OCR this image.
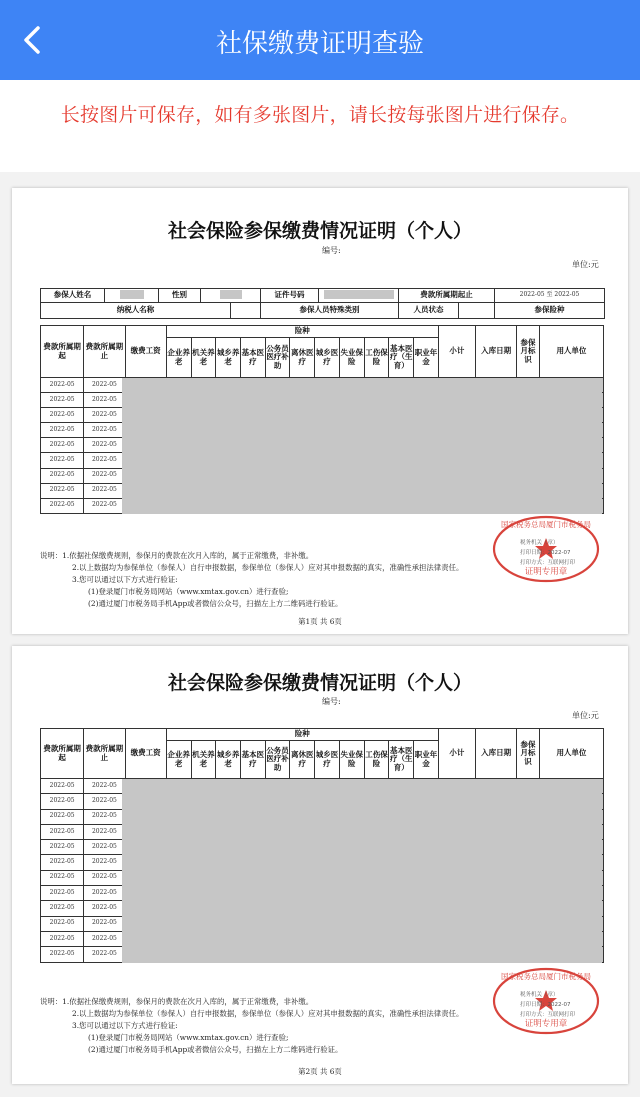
社保缴费证明查验
长按图片可保存，如有多张图片，请长按每张图片进行保存。
社会保险参保缴费情况证明（个人）
编号:
单位:元
参保人姓名		性别		证件号码		费款所属期起止	2022-05 至 2022-05
纳税人名称		参保人员特殊类别	人员状态		参保险种
费款所属期起	费款所属期止	缴费工资	险种											小计	入库日期	参保月标识	用人单位
			企业养老	机关养老	城乡养老	基本医疗	公务员医疗补助	离休医疗	城乡医疗	失业保险	工伤保险	基本医疗（生育）	职业年金				
2022-05	2022-05																
2022-05	2022-05																
2022-05	2022-05																
2022-05	2022-05																
2022-05	2022-05																
2022-05	2022-05																
2022-05	2022-05																
2022-05	2022-05																
2022-05	2022-05																
说明：1.依据社保缴费规则，参保月的费款在次月入库的，属于正常缴费，非补缴。
2.以上数据均为参保单位（参保人）自行申报数据，参保单位（参保人）应对其申报数据的真实，准确性承担法律责任。
3.您可以通过以下方式进行验证:
(1)登录厦门市税务局网站（www.xmtax.gov.cn）进行查验;
(2)通过厦门市税务局手机App或者微信公众号，扫描左上方二维码进行验证。
国家税务总局厦门市税务局
证明专用章
税务机关（章）
打印日期：2022-07
打印方式：互联网打印
第1页 共 6页
社会保险参保缴费情况证明（个人）
编号:
单位:元
费款所属期起	费款所属期止	缴费工资	险种											小计	入库日期	参保月标识	用人单位
			企业养老	机关养老	城乡养老	基本医疗	公务员医疗补助	离休医疗	城乡医疗	失业保险	工伤保险	基本医疗（生育）	职业年金				
2022-05	2022-05																
2022-05	2022-05																
2022-05	2022-05																
2022-05	2022-05																
2022-05	2022-05																
2022-05	2022-05																
2022-05	2022-05																
2022-05	2022-05																
2022-05	2022-05																
2022-05	2022-05																
2022-05	2022-05																
2022-05	2022-05																
说明：1.依据社保缴费规则，参保月的费款在次月入库的，属于正常缴费，非补缴。
2.以上数据均为参保单位（参保人）自行申报数据，参保单位（参保人）应对其申报数据的真实，准确性承担法律责任。
3.您可以通过以下方式进行验证:
(1)登录厦门市税务局网站（www.xmtax.gov.cn）进行查验;
(2)通过厦门市税务局手机App或者微信公众号，扫描左上方二维码进行验证。
国家税务总局厦门市税务局
证明专用章
税务机关（章）
打印日期：2022-07
打印方式：互联网打印
第2页 共 6页
